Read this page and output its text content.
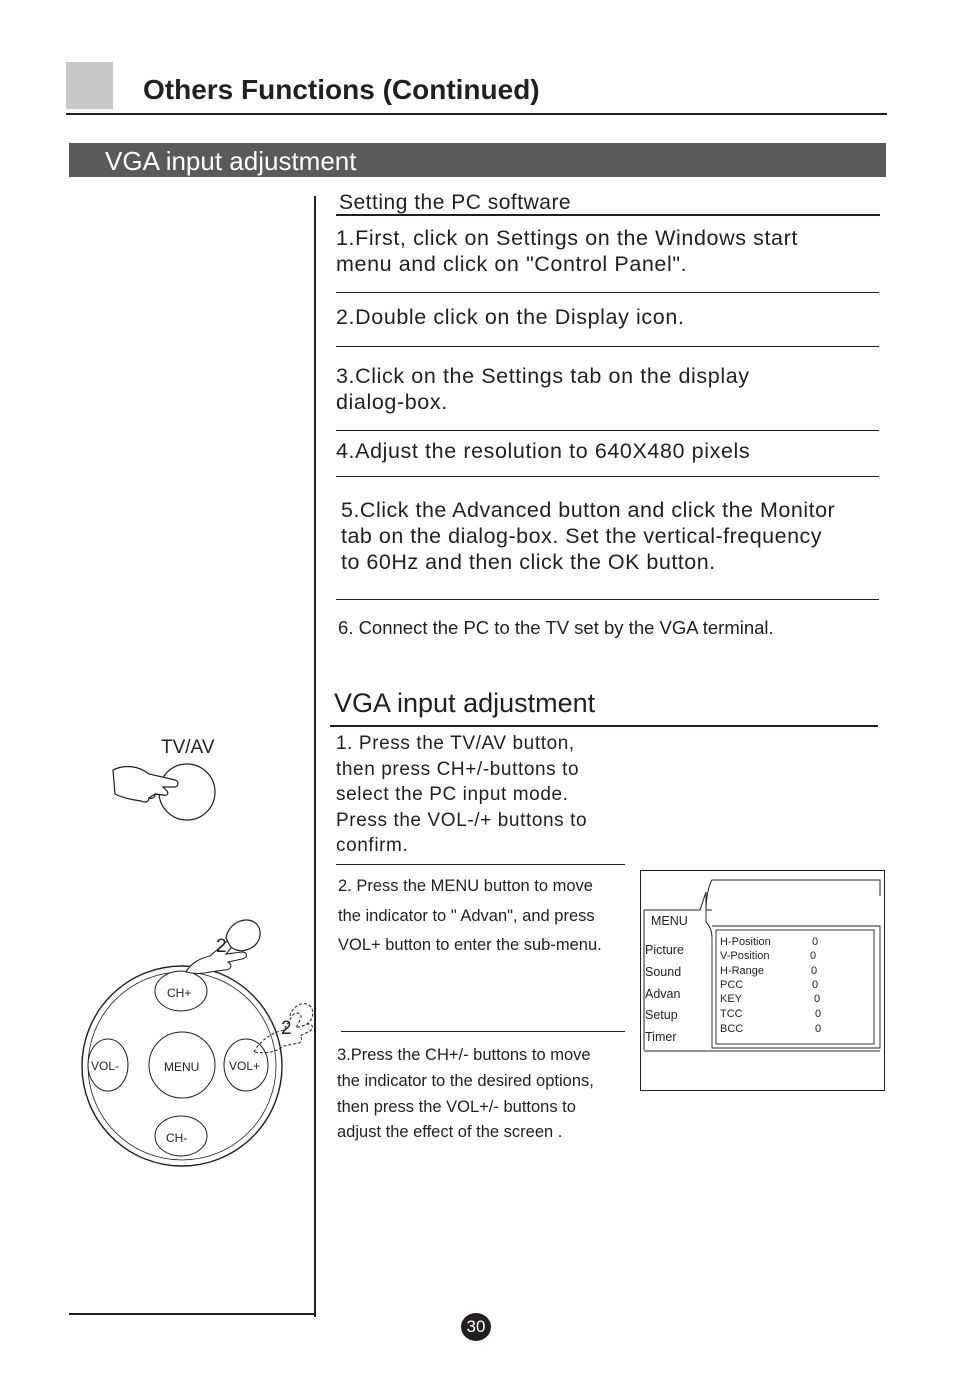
Others Functions (Continued)
VGA input adjustment
Setting the PC software
1.First, click on Settings on the Windows start
menu and click on "Control Panel".
2.Double click on the Display icon.
3.Click on the Settings tab on the display
dialog-box.
4.Adjust the resolution to 640X480 pixels
5.Click the Advanced button and click the Monitor
tab on the dialog-box. Set the vertical-frequency
to 60Hz and then click the OK button.
6. Connect the PC to the TV set by the VGA terminal.
VGA input adjustment
1. Press the TV/AV button,
then press CH+/-buttons to
select the PC input mode.
Press the VOL-/+ buttons to
confirm.
2. Press the MENU button to move
the indicator to " Advan", and press
VOL+ button to enter the sub-menu.
3.Press the CH+/- buttons to move
the indicator to the desired options,
then press the VOL+/- buttons to
adjust the effect of the screen .
TV/AV
CH+
CH-
VOL-	VOL+
MENU
2
2
MENU
Picture
Sound
Advan
Setup
Timer
H-Position	0
V-Position	0
H-Range	0
PCC	0
KEY	0
TCC	0
BCC	0
30
